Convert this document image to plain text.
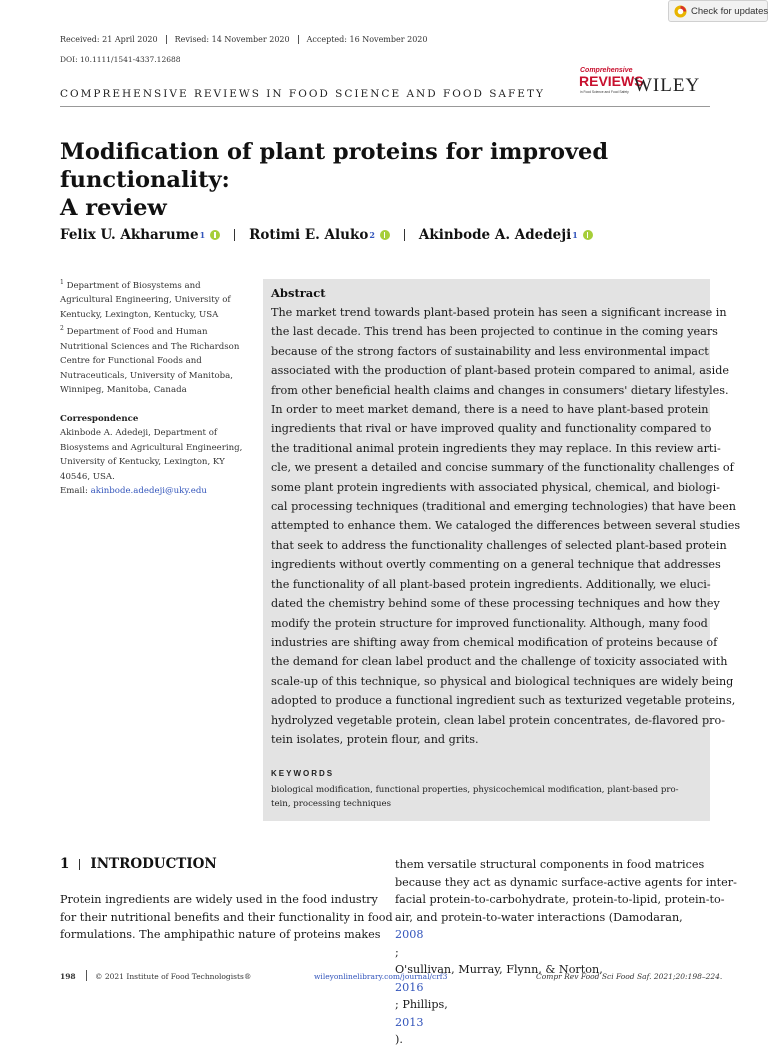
Check for updates
Received: 21 April 2020	Revised: 14 November 2020	Accepted: 16 November 2020
DOI: 10.1111/1541-4337.12688
COMPREHENSIVE REVIEWS IN FOOD SCIENCE AND FOOD SAFETY
Comprehensive
REVIEWS
in Food Science and Food Safety WILEY
Modification of plant proteins for improved functionality:
A review
Felix U. Akharume 1	Rotimi E. Aluko 2	Akinbode A. Adedeji 1
$^1$ Department of Biosystems and
Agricultural Engineering, University of
Kentucky, Lexington, Kentucky, USA
$^2$ Department of Food and Human
Nutritional Sciences and The Richardson
Centre for Functional Foods and
Nutraceuticals, University of Manitoba,
Winnipeg, Manitoba, Canada
Correspondence
Akinbode A. Adedeji, Department of
Biosystems and Agricultural Engineering,
University of Kentucky, Lexington, KY
40546, USA.
Email: akinbode.adedeji@uky.edu
Abstract
The market trend towards plant-based protein has seen a significant increase in
the last decade. This trend has been projected to continue in the coming years
because of the strong factors of sustainability and less environmental impact
associated with the production of plant-based protein compared to animal, aside
from other beneficial health claims and changes in consumers' dietary lifestyles.
In order to meet market demand, there is a need to have plant-based protein
ingredients that rival or have improved quality and functionality compared to
the traditional animal protein ingredients they may replace. In this review arti-
cle, we present a detailed and concise summary of the functionality challenges of
some plant protein ingredients with associated physical, chemical, and biologi-
cal processing techniques (traditional and emerging technologies) that have been
attempted to enhance them. We cataloged the differences between several studies
that seek to address the functionality challenges of selected plant-based protein
ingredients without overtly commenting on a general technique that addresses
the functionality of all plant-based protein ingredients. Additionally, we eluci-
dated the chemistry behind some of these processing techniques and how they
modify the protein structure for improved functionality. Although, many food
industries are shifting away from chemical modification of proteins because of
the demand for clean label product and the challenge of toxicity associated with
scale-up of this technique, so physical and biological techniques are widely being
adopted to produce a functional ingredient such as texturized vegetable proteins,
hydrolyzed vegetable protein, clean label protein concentrates, de-flavored pro-
tein isolates, protein flour, and grits.
KEYWORDS
biological modification, functional properties, physicochemical modification, plant-based pro-
tein, processing techniques
1 INTRODUCTION
Protein ingredients are widely used in the food industry
for their nutritional benefits and their functionality in food
formulations. The amphipathic nature of proteins makes
them versatile structural components in food matrices
because they act as dynamic surface-active agents for inter-
facial protein-to-carbohydrate, protein-to-lipid, protein-to-
air, and protein-to-water interactions (Damodaran,
2008
;
O'sullivan, Murray, Flynn, & Norton,
2016
; Phillips,
2013
).
198	© 2021 Institute of Food Technologists®	wileyonlinelibrary.com/journal/crf3	Compr Rev Food Sci Food Saf. 2021;20:198–224.
